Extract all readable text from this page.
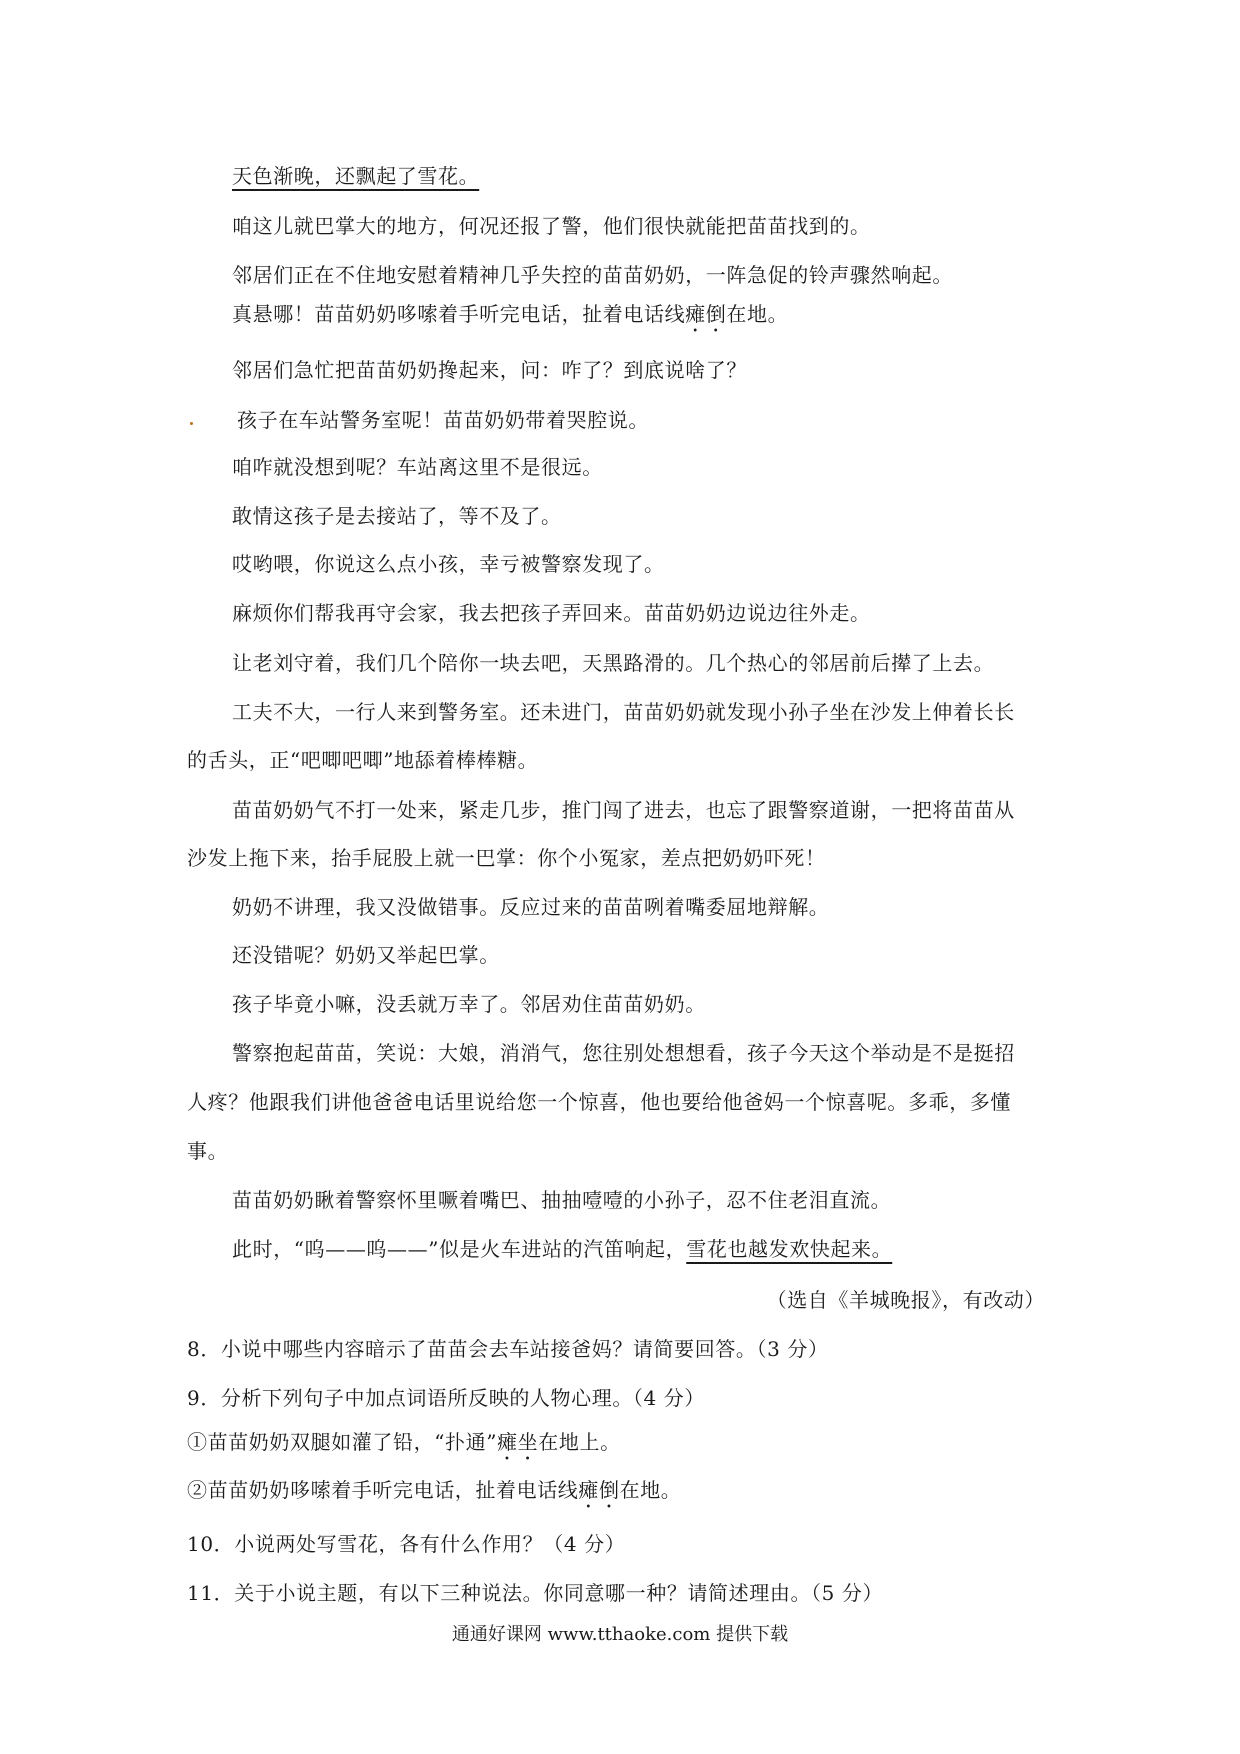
天色渐晚，还飘起了雪花。
咱这儿就巴掌大的地方，何况还报了警，他们很快就能把苗苗找到的。
邻居们正在不住地安慰着精神几乎失控的苗苗奶奶，一阵急促的铃声骤然响起。
真悬哪！苗苗奶奶哆嗦着手听完电话，扯着电话线瘫倒在地。
邻居们急忙把苗苗奶奶搀起来，问：咋了？到底说啥了？
孩子在车站警务室呢！苗苗奶奶带着哭腔说。
咱咋就没想到呢？车站离这里不是很远。
敢情这孩子是去接站了，等不及了。
哎哟喂，你说这么点小孩，幸亏被警察发现了。
麻烦你们帮我再守会家，我去把孩子弄回来。苗苗奶奶边说边往外走。
让老刘守着，我们几个陪你一块去吧，天黑路滑的。几个热心的邻居前后撵了上去。
工夫不大，一行人来到警务室。还未进门，苗苗奶奶就发现小孙子坐在沙发上伸着长长
的舌头，正“吧唧吧唧”地舔着棒棒糖。
苗苗奶奶气不打一处来，紧走几步，推门闯了进去，也忘了跟警察道谢，一把将苗苗从
沙发上拖下来，抬手屁股上就一巴掌：你个小冤家，差点把奶奶吓死！
奶奶不讲理，我又没做错事。反应过来的苗苗咧着嘴委屈地辩解。
还没错呢？奶奶又举起巴掌。
孩子毕竟小嘛，没丢就万幸了。邻居劝住苗苗奶奶。
警察抱起苗苗，笑说：大娘，消消气，您往别处想想看，孩子今天这个举动是不是挺招
人疼？他跟我们讲他爸爸电话里说给您一个惊喜，他也要给他爸妈一个惊喜呢。多乖，多懂
事。
苗苗奶奶瞅着警察怀里噘着嘴巴、抽抽噎噎的小孙子，忍不住老泪直流。
此时，“呜——呜——”似是火车进站的汽笛响起，雪花也越发欢快起来。
（选自《羊城晚报》，有改动）
8．小说中哪些内容暗示了苗苗会去车站接爸妈？请简要回答。（3 分）
9．分析下列句子中加点词语所反映的人物心理。（4 分）
①苗苗奶奶双腿如灌了铅，“扑通”瘫坐在地上。
②苗苗奶奶哆嗦着手听完电话，扯着电话线瘫倒在地。
10．小说两处写雪花，各有什么作用？（4 分）
11．关于小说主题，有以下三种说法。你同意哪一种？请简述理由。（5 分）
通通好课网 www.tthaoke.com 提供下载
